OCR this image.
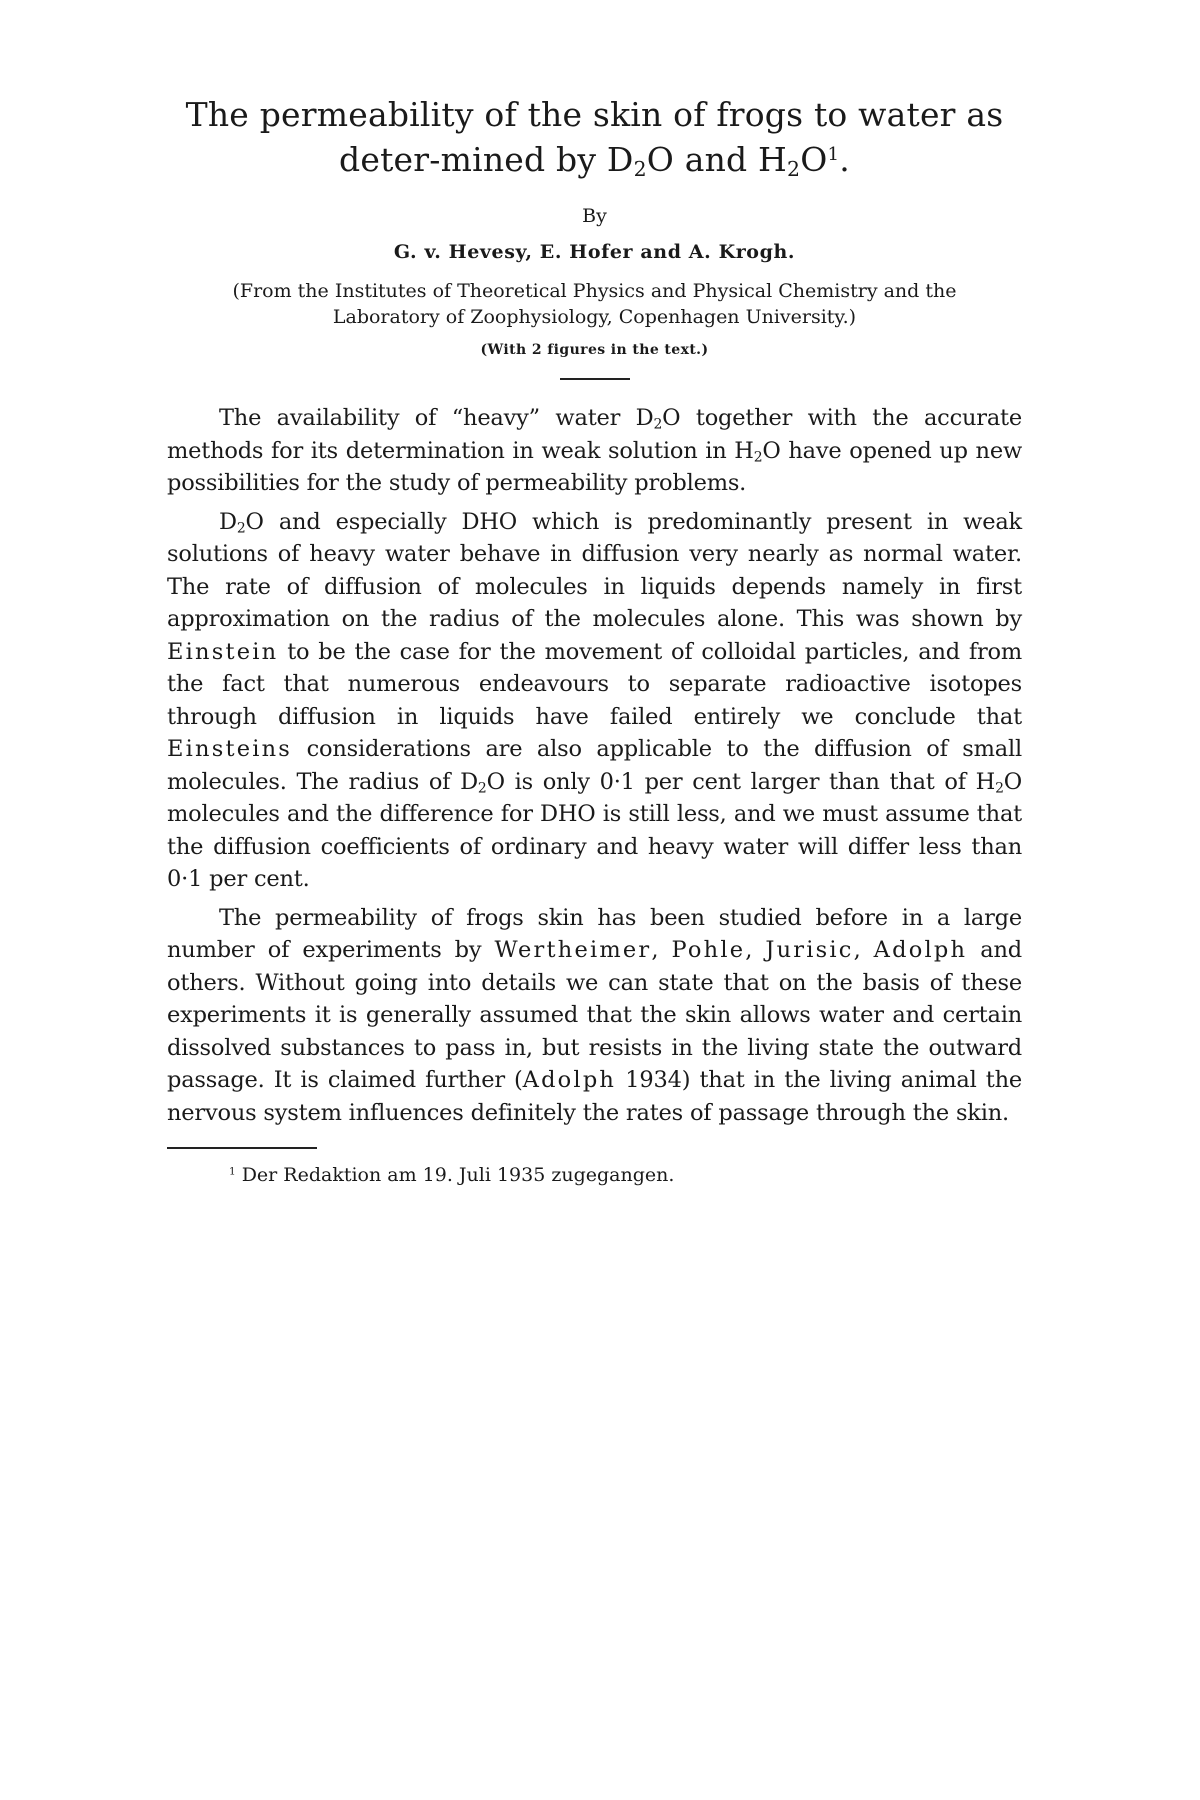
The permeability of the skin of frogs to water as deter-mined by $D_2O$ and $H_2O^1$.
By
G. v. Hevesy, E. Hofer and A. Krogh.
(From the Institutes of Theoretical Physics and Physical Chemistry and the
Laboratory of Zoophysiology, Copenhagen University.)
(With 2 figures in the text.)

The availability of “heavy” water $D_2O$ together with the accurate methods for its determination in weak solution in $H_2O$ have opened up new possibilities for the study of permeability problems.

$D_2O$ and especially DHO which is predominantly present in weak solutions of heavy water behave in diffusion very nearly as normal water. The rate of diffusion of molecules in liquids depends namely in first approximation on the radius of the molecules alone. This was shown by Einstein to be the case for the movement of colloidal particles, and from the fact that numerous endeavours to separate radioactive isotopes through diffusion in liquids have failed entirely we conclude that Einsteins considerations are also applicable to the diffusion of small molecules. The radius of $D_2O$ is only 0·1 per cent larger than that of $H_2O$ molecules and the difference for DHO is still less, and we must assume that the diffusion coefficients of ordinary and heavy water will differ less than 0·1 per cent.

The permeability of frogs skin has been studied before in a large number of experiments by Wertheimer, Pohle, Jurisic, Adolph and others. Without going into details we can state that on the basis of these experiments it is generally assumed that the skin allows water and certain dissolved substances to pass in, but resists in the living state the outward passage. It is claimed further (Adolph 1934) that in the living animal the nervous system influences definitely the rates of passage through the skin.

$^1$ Der Redaktion am 19. Juli 1935 zugegangen.
